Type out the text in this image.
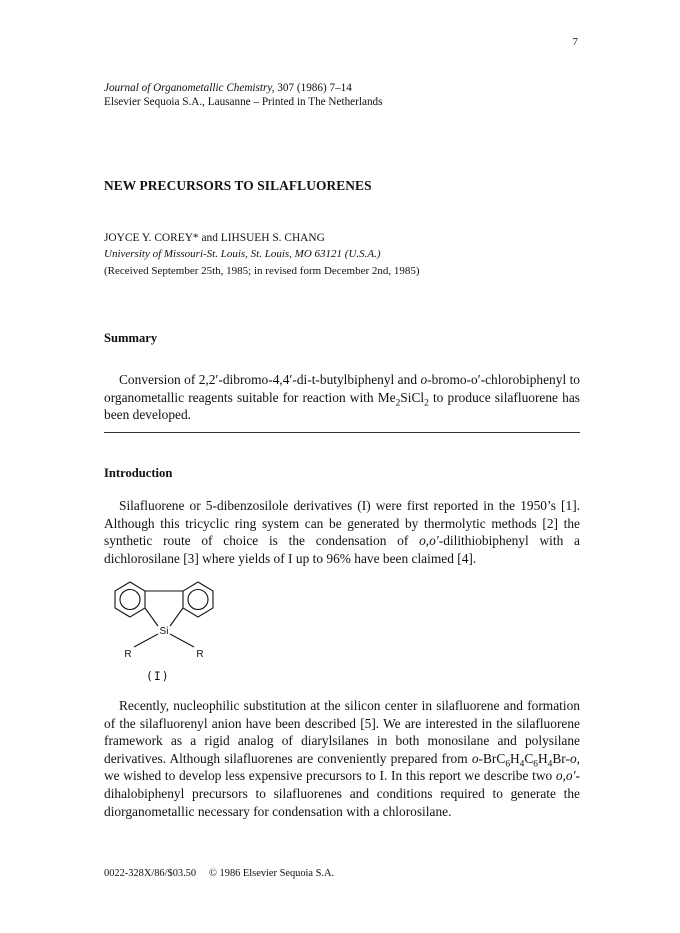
7
Journal of Organometallic Chemistry, 307 (1986) 7–14
Elsevier Sequoia S.A., Lausanne – Printed in The Netherlands
NEW PRECURSORS TO SILAFLUORENES
JOYCE Y. COREY* and LIHSUEH S. CHANG
University of Missouri-St. Louis, St. Louis, MO 63121 (U.S.A.)
(Received September 25th, 1985; in revised form December 2nd, 1985)
Summary

Conversion of 2,2′-dibromo-4,4′-di-t-butylbiphenyl and o-bromo-o′-chlorobiphenyl to organometallic reagents suitable for reaction with $Me_2SiCl_2$ to produce silafluorene has been developed.

Introduction

Silafluorene or 5-dibenzosilole derivatives (I) were first reported in the 1950’s [1]. Although this tricyclic ring system can be generated by thermolytic methods [2] the synthetic route of choice is the condensation of o,o′-dilithiobiphenyl with a dichlorosilane [3] where yields of I up to 96% have been claimed [4].

Si
R	R
(I)

Recently, nucleophilic substitution at the silicon center in silafluorene and formation of the silafluorenyl anion have been described [5]. We are interested in the silafluorene framework as a rigid analog of diarylsilanes in both monosilane and polysilane derivatives. Although silafluorenes are conveniently prepared from $o-BrC_6H_4C_6H_4Br-o$, we wished to develop less expensive precursors to I. In this report we describe two o,o′-dihalobiphenyl precursors to silafluorenes and conditions required to generate the diorganometallic necessary for condensation with a chlorosilane.

0022-328X/86/$03.50     © 1986 Elsevier Sequoia S.A.
